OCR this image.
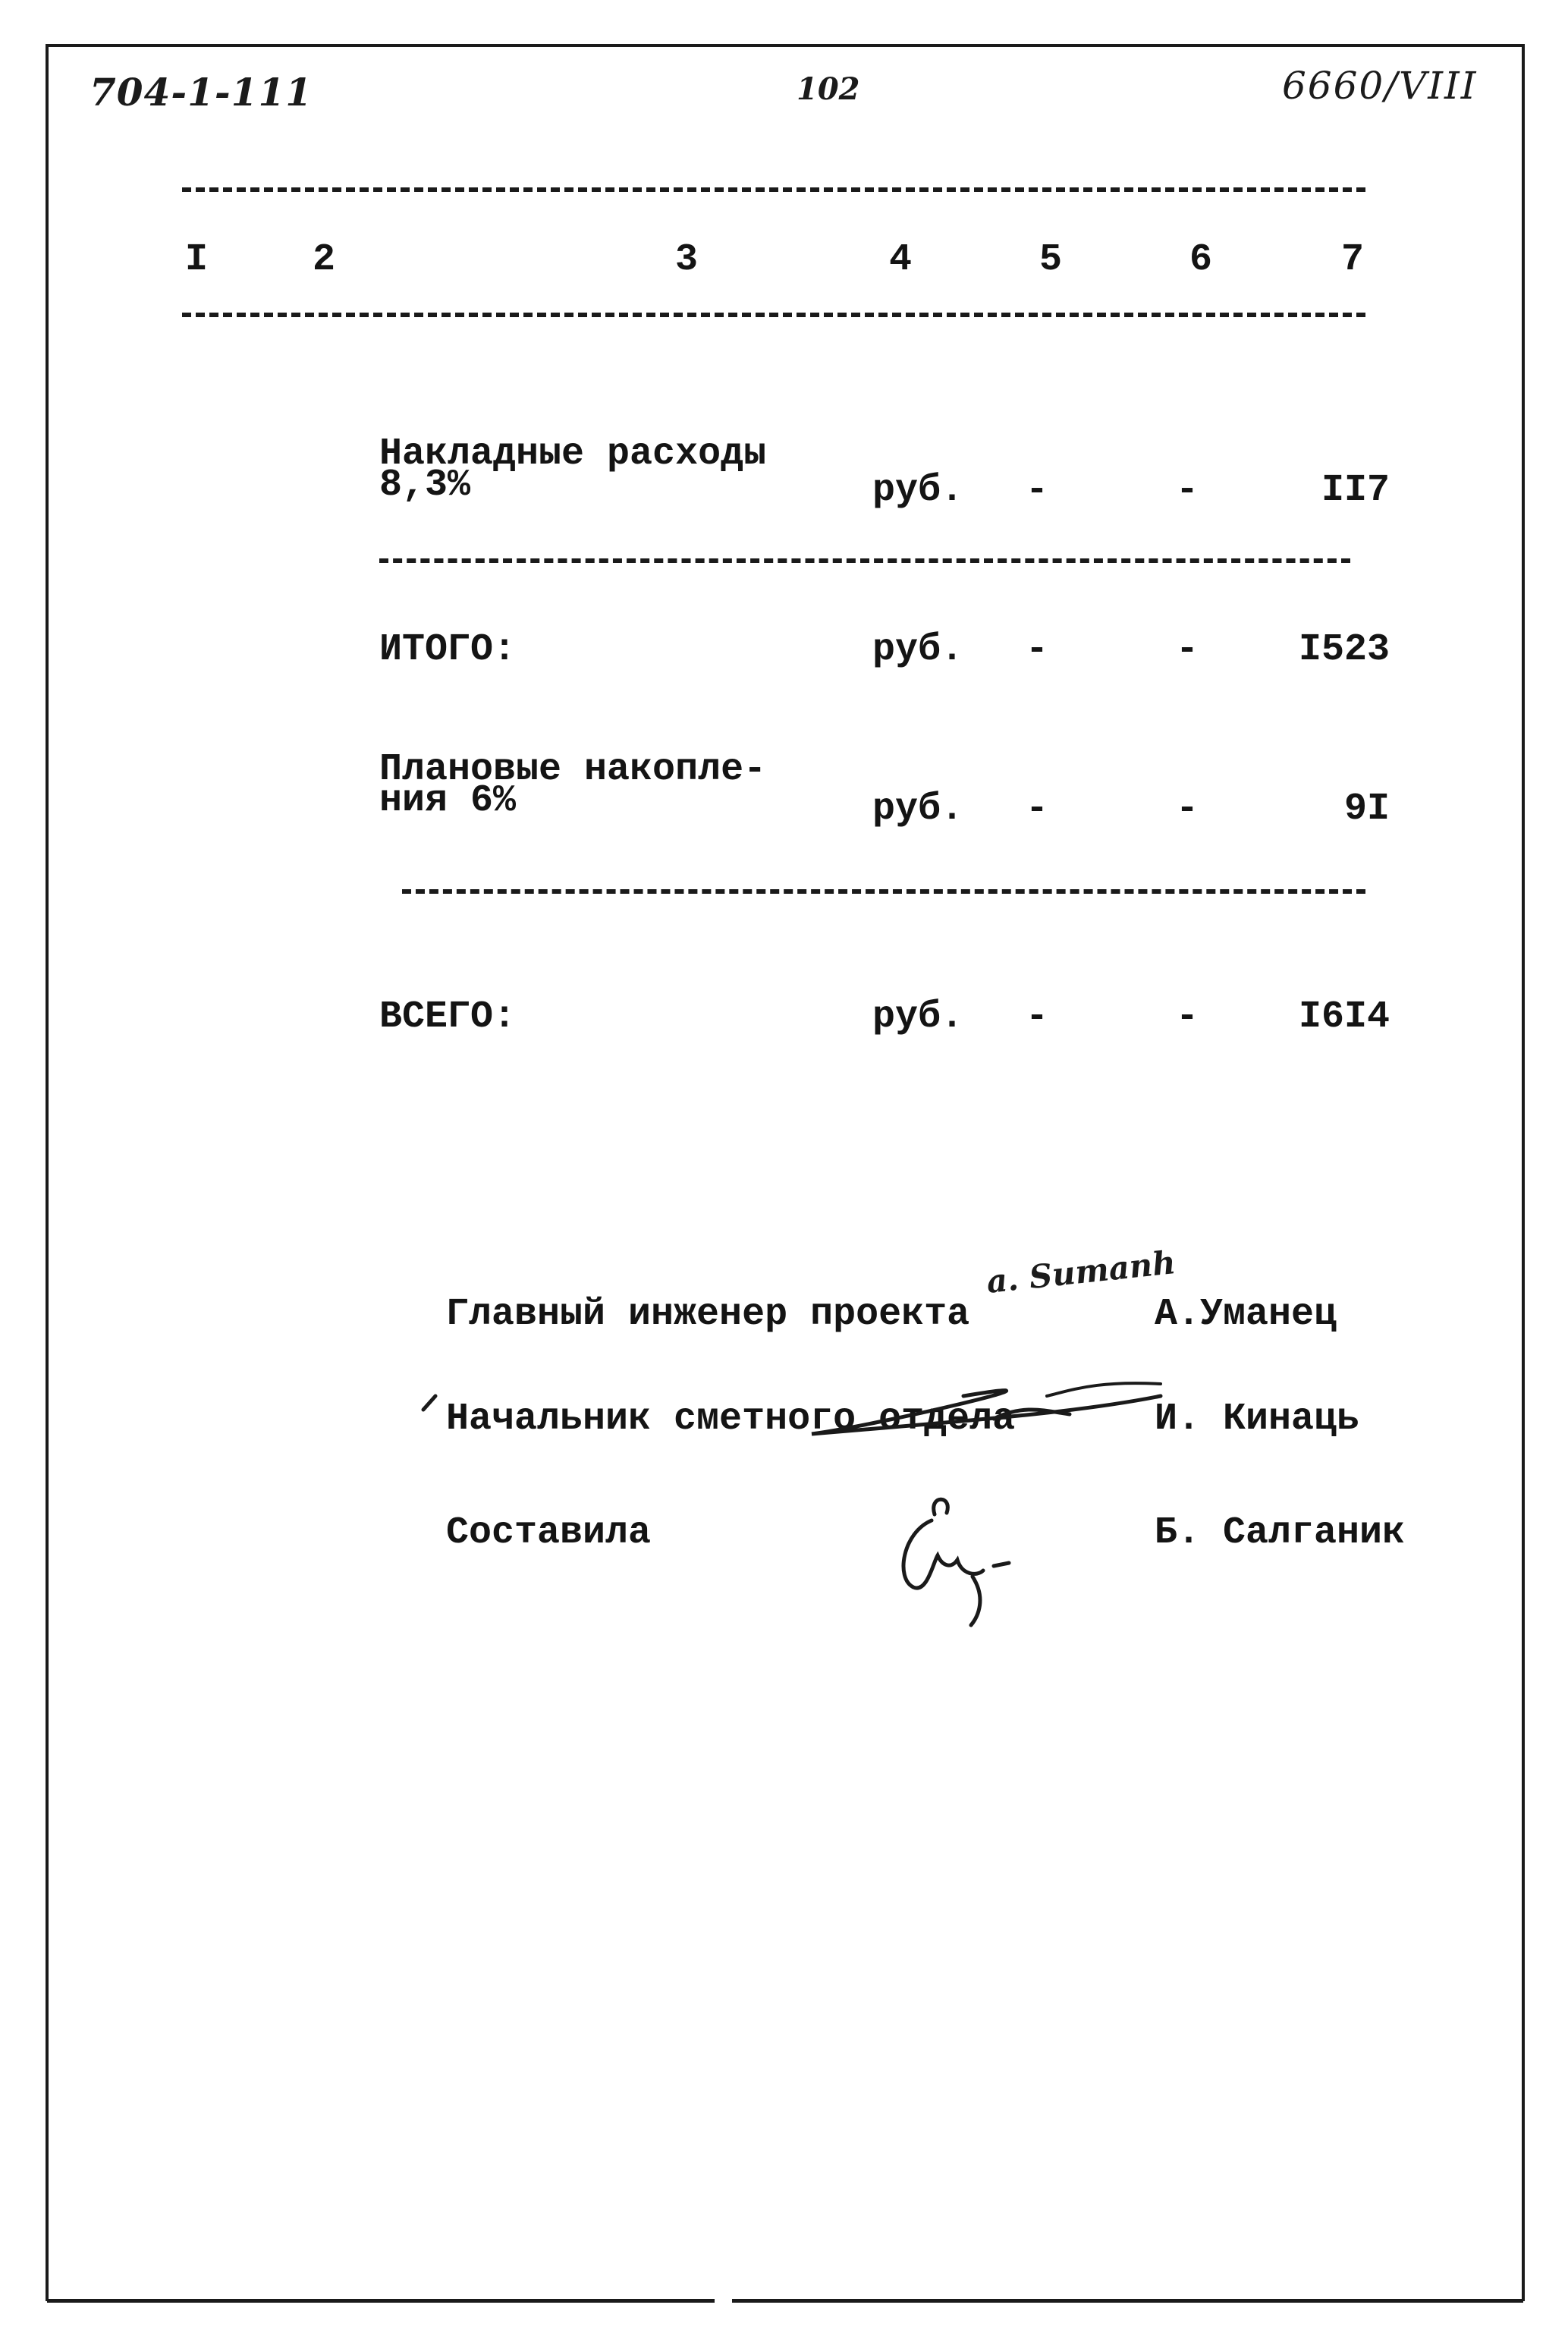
704-1-111	102	6660/VIII
I	2	3	4	5	6	7
Накладные расходы
8,3%	руб. -	-	II7
ИТОГО:	руб. -	-	I523
Плановые накопле-
ния 6%	руб. -	-	9I
ВСЕГО:	руб. -	-	I6I4
Главный инженер проекта
a. Sumanh
А.Уманец
Начальник сметного отдела	И. Кинаць
Составила	Б. Салганик
